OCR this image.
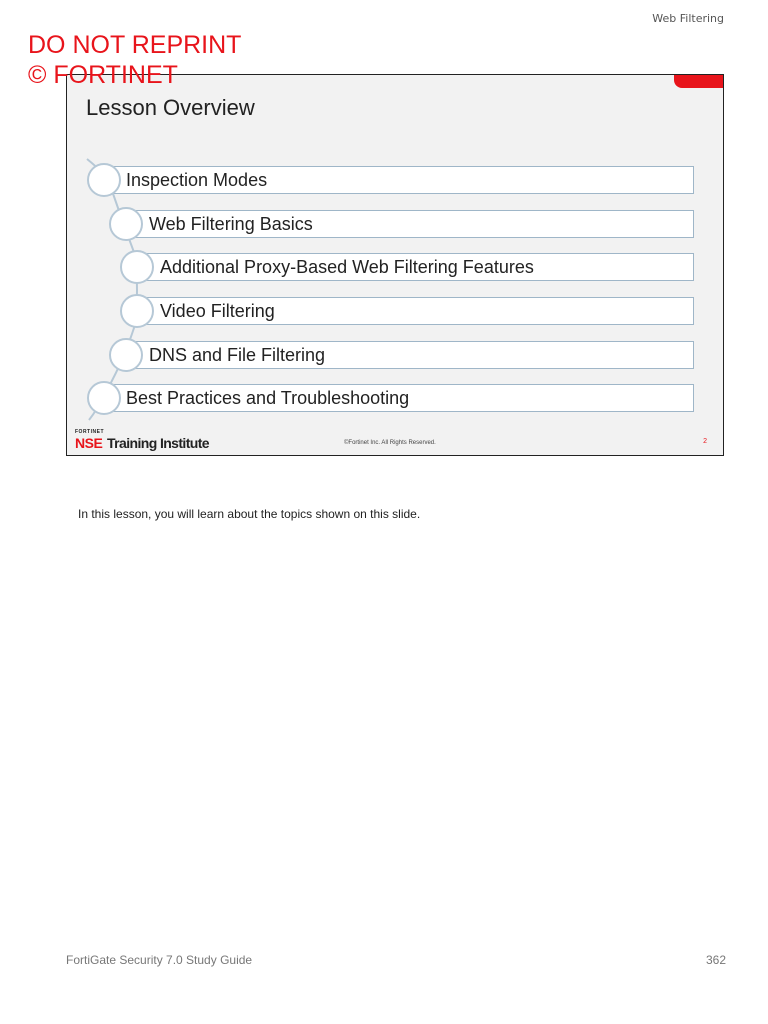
Web Filtering
DO NOT REPRINT
© FORTINET
Lesson Overview
Inspection Modes
Web Filtering Basics
Additional Proxy-Based Web Filtering Features
Video Filtering
DNS and File Filtering
Best Practices and Troubleshooting
FORTINET
NSE Training Institute	©Fortinet Inc. All Rights Reserved.	2
In this lesson, you will learn about the topics shown on this slide.
FortiGate Security 7.0 Study Guide	362
